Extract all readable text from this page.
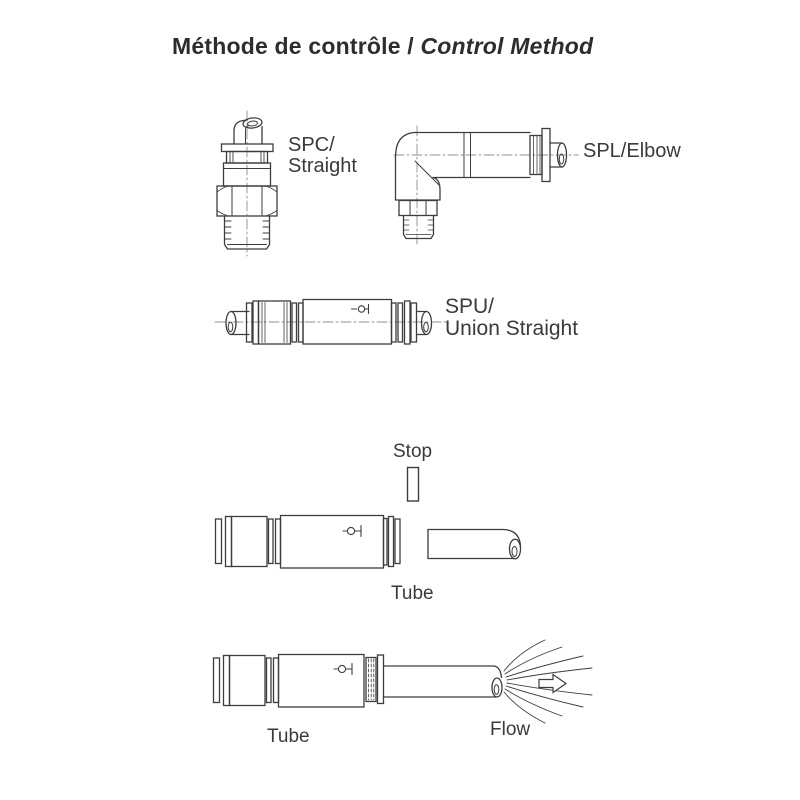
Méthode de contrôle / Control Method
SPC/
Straight
SPL/Elbow
SPU/
Union Straight
Stop
Tube
Tube	Flow
